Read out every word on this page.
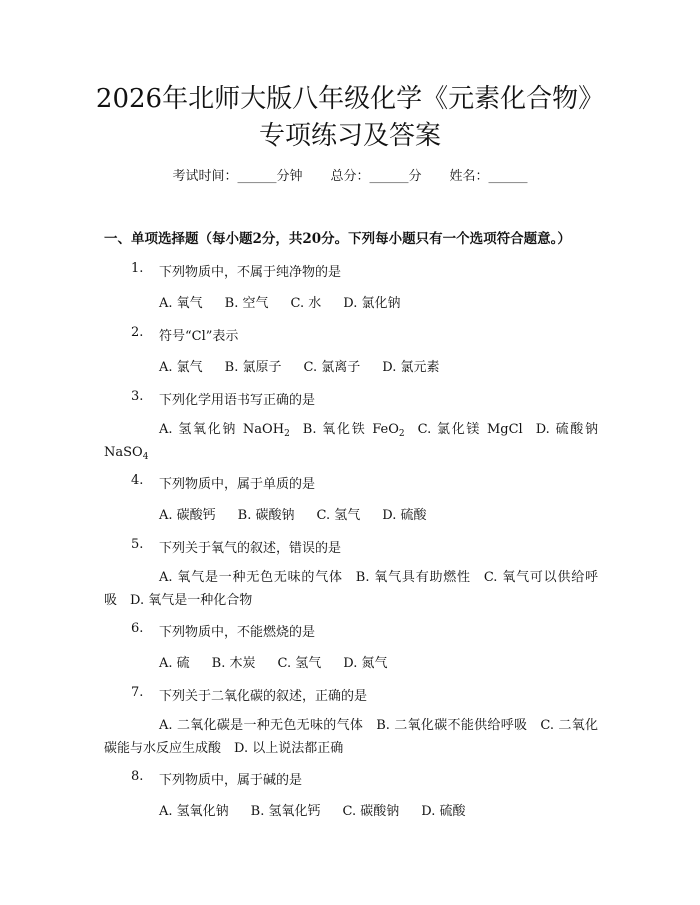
2026年北师大版八年级化学《元素化合物》
专项练习及答案
考试时间：______分钟 总分：______分 姓名：______
一、单项选择题（每小题2分，共20分。下列每小题只有一个选项符合题意。）
1. 下列物质中，不属于纯净物的是
A. 氧气 B. 空气 C. 水 D. 氯化钠
2. 符号“Cl”表示
A. 氯气 B. 氯原子 C. 氯离子 D. 氯元素
3. 下列化学用语书写正确的是
A. 氢氧化钠 NaOH$_2$  B. 氧化铁 FeO$_2$  C. 氯化镁 MgCl  D. 硫酸钠 NaSO$_4$
4. 下列物质中，属于单质的是
A. 碳酸钙 B. 碳酸钠 C. 氢气 D. 硫酸
5. 下列关于氧气的叙述，错误的是
A. 氧气是一种无色无味的气体  B. 氧气具有助燃性  C. 氧气可以供给呼吸  D. 氧气是一种化合物
6. 下列物质中，不能燃烧的是
A. 硫 B. 木炭 C. 氢气 D. 氮气
7. 下列关于二氧化碳的叙述，正确的是
A. 二氧化碳是一种无色无味的气体  B. 二氧化碳不能供给呼吸  C. 二氧化碳能与水反应生成酸  D. 以上说法都正确
8. 下列物质中，属于碱的是
A. 氢氧化钠 B. 氢氧化钙 C. 碳酸钠 D. 硫酸
